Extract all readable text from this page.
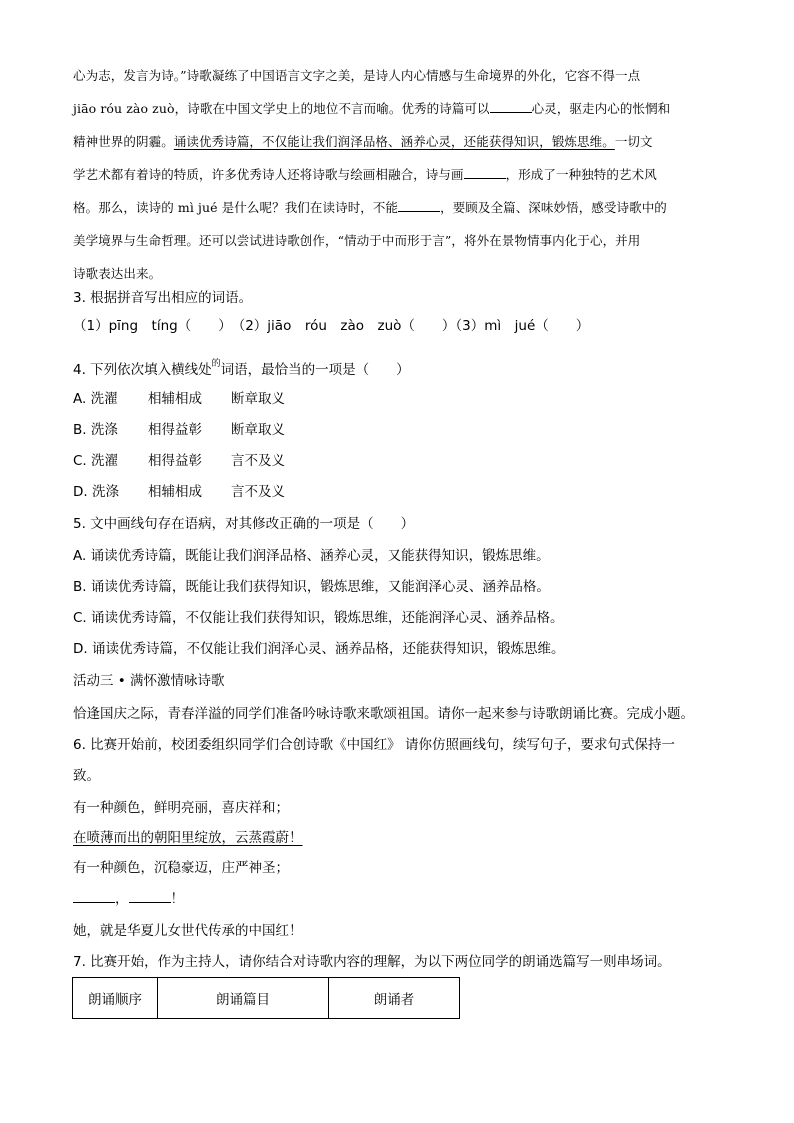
心为志，发言为诗。”诗歌凝练了中国语言文字之美，是诗人内心情感与生命境界的外化，它容不得一点
jiāo róu zào zuò，诗歌在中国文学史上的地位不言而喻。优秀的诗篇可以	心灵，驱走内心的怅惘和
精神世界的阴霾。诵读优秀诗篇，不仅能让我们润泽品格、涵养心灵，还能获得知识，锻炼思维。一切文
学艺术都有着诗的特质，许多优秀诗人还将诗歌与绘画相融合，诗与画	，形成了一种独特的艺术风
格。那么，读诗的 mì jué 是什么呢？我们在读诗时，不能	，要顾及全篇、深味妙悟，感受诗歌中的
美学境界与生命哲理。还可以尝试进诗歌创作，“情动于中而形于言”，将外在景物情事内化于心，并用
诗歌表达出来。
3. 根据拼音写出相应的词语。
（1）pīng　tíng（　　）　（2）jiāo　róu　zào　zuò（　　）（3）mì　jué（　　）
4. 下列依次填入横线处$^的$词语，最恰当的一项是（　　）
A. 洗濯 相辅相成 断章取义
B. 洗涤 相得益彰 断章取义
C. 洗濯 相得益彰 言不及义
D. 洗涤 相辅相成 言不及义
5. 文中画线句存在语病，对其修改正确的一项是（　　）
A. 诵读优秀诗篇，既能让我们润泽品格、涵养心灵，又能获得知识，锻炼思维。
B. 诵读优秀诗篇，既能让我们获得知识，锻炼思维，又能润泽心灵、涵养品格。
C. 诵读优秀诗篇，不仅能让我们获得知识，锻炼思维，还能润泽心灵、涵养品格。
D. 诵读优秀诗篇，不仅能让我们润泽心灵、涵养品格，还能获得知识，锻炼思维。
活动三 • 满怀激情咏诗歌
恰逢国庆之际，青春洋溢的同学们准备吟咏诗歌来歌颂祖国。请你一起来参与诗歌朗诵比赛。完成小题。
6. 比赛开始前，校团委组织同学们合创诗歌《中国红》 请你仿照画线句，续写句子，要求句式保持一
致。
有一种颜色，鲜明亮丽，喜庆祥和；
在喷薄而出的朝阳里绽放，云蒸霞蔚！
有一种颜色，沉稳豪迈，庄严神圣；
，	！
她，就是华夏儿女世代传承的中国红！
7. 比赛开始，作为主持人，请你结合对诗歌内容的理解，为以下两位同学的朗诵选篇写一则串场词。
朗诵顺序	朗诵篇目	朗诵者
